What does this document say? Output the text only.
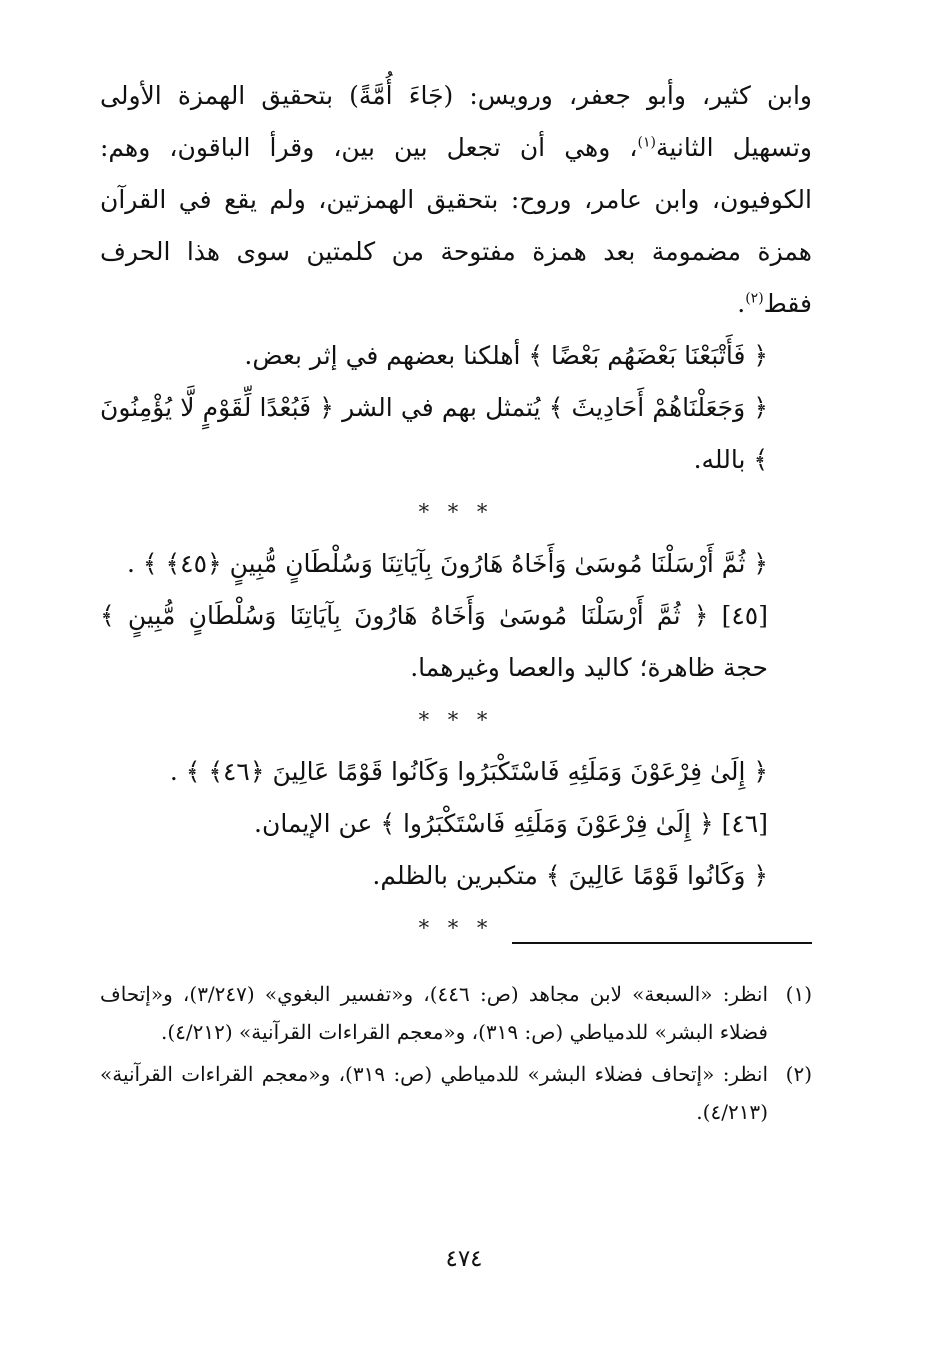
وابن كثير، وأبو جعفر، ورويس: (جَاءَ أُمَّةً) بتحقيق الهمزة الأولى وتسهيل الثانية$^{(١)}$، وهي أن تجعل بين بين، وقرأ الباقون، وهم: الكوفيون، وابن عامر، وروح: بتحقيق الهمزتين، ولم يقع في القرآن همزة مضمومة بعد همزة مفتوحة من كلمتين سوى هذا الحرف فقط$^{(٢)}$.

﴿ فَأَتْبَعْنَا بَعْضَهُم بَعْضًا ﴾ أهلكنا بعضهم في إثر بعض.

﴿ وَجَعَلْنَاهُمْ أَحَادِيثَ ﴾ يُتمثل بهم في الشر ﴿ فَبُعْدًا لِّقَوْمٍ لَّا يُؤْمِنُونَ ﴾ بالله.

* * *

﴿ ثُمَّ أَرْسَلْنَا مُوسَىٰ وَأَخَاهُ هَارُونَ بِآيَاتِنَا وَسُلْطَانٍ مُّبِينٍ ﴿٤٥﴾ ﴾ .

[٤٥] ﴿ ثُمَّ أَرْسَلْنَا مُوسَىٰ وَأَخَاهُ هَارُونَ بِآيَاتِنَا وَسُلْطَانٍ مُّبِينٍ ﴾ حجة ظاهرة؛ كاليد والعصا وغيرهما.

* * *

﴿ إِلَىٰ فِرْعَوْنَ وَمَلَئِهِ فَاسْتَكْبَرُوا وَكَانُوا قَوْمًا عَالِينَ ﴿٤٦﴾ ﴾ .

[٤٦] ﴿ إِلَىٰ فِرْعَوْنَ وَمَلَئِهِ فَاسْتَكْبَرُوا ﴾ عن الإيمان.

﴿ وَكَانُوا قَوْمًا عَالِينَ ﴾ متكبرين بالظلم.

* * *
(١)
انظر: «السبعة» لابن مجاهد (ص: ٤٤٦)، و«تفسير البغوي» (٣/٢٤٧)، و«إتحاف فضلاء البشر» للدمياطي (ص: ٣١٩)، و«معجم القراءات القرآنية» (٤/٢١٢).
(٢)
انظر: «إتحاف فضلاء البشر» للدمياطي (ص: ٣١٩)، و«معجم القراءات القرآنية» (٤/٢١٣).
٤٧٤
